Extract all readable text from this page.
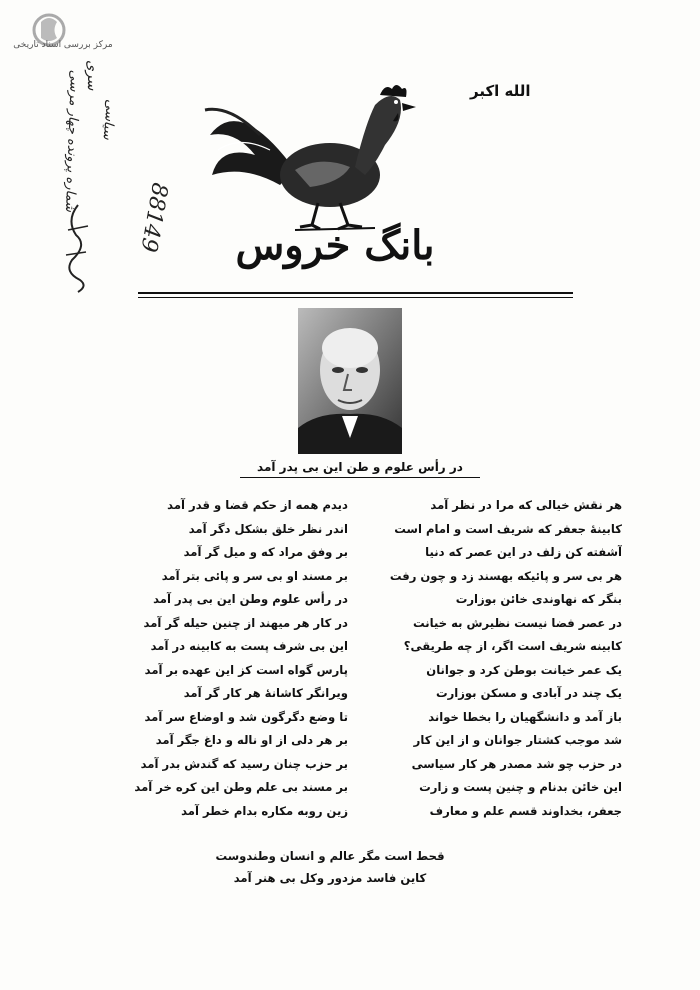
مرکز بررسی اسناد تاریخی
سری
شماره پرونده چهار مرسی سیاسی
88149
الله اکبر
بانگ خروس
در رأس علوم و طن این بی پدر آمد
هر نقش خیالی که مرا در نظر آمد
کابینهٔ جعفر که شریف است و امام است
آشفته کن زلف در این عصر که دنیا
هر بی سر و پائیکه بهسند زد و چون رفت
بنگر که نهاوندی خائن بوزارت
در عصر فضا نیست نظیرش به خیانت
کابینه شریف است اگر، از چه طریقی؟
یک عمر خیانت بوطن کرد و جوانان
یک چند در آبادی و مسکن بوزارت
باز آمد و دانشگهیان را بخطا خواند
شد موجب کشتار جوانان و از این کار
در حزب چو شد مصدر هر کار سیاسی
این خائن بدنام و چنین پست و زارت
جعفر، بخداوند قسم علم و معارف
دیدم همه از حکم قضا و قدر آمد
اندر نظر خلق بشکل دگر آمد
بر وفق مراد که و میل گر آمد
بر مسند او بی سر و پائی بتر آمد
در رأس علوم وطن این بی پدر آمد
در کار هر میهند از چنین حیله گر آمد
این بی شرف پست به کابینه در آمد
پارس گواه است کز این عهده بر آمد
ویرانگر کاشانهٔ هر کار گر آمد
تا وضع دگرگون شد و اوضاع سر آمد
بر هر دلی از او ناله و داغ جگر آمد
بر حزب چنان رسید که گندش بدر آمد
بر مسند بی علم وطن این کره خر آمد
زین روبه مکاره بدام خطر آمد
قحط است مگر عالم و انسان وطندوست
کاین فاسد مزدور وکل بی هنر آمد
